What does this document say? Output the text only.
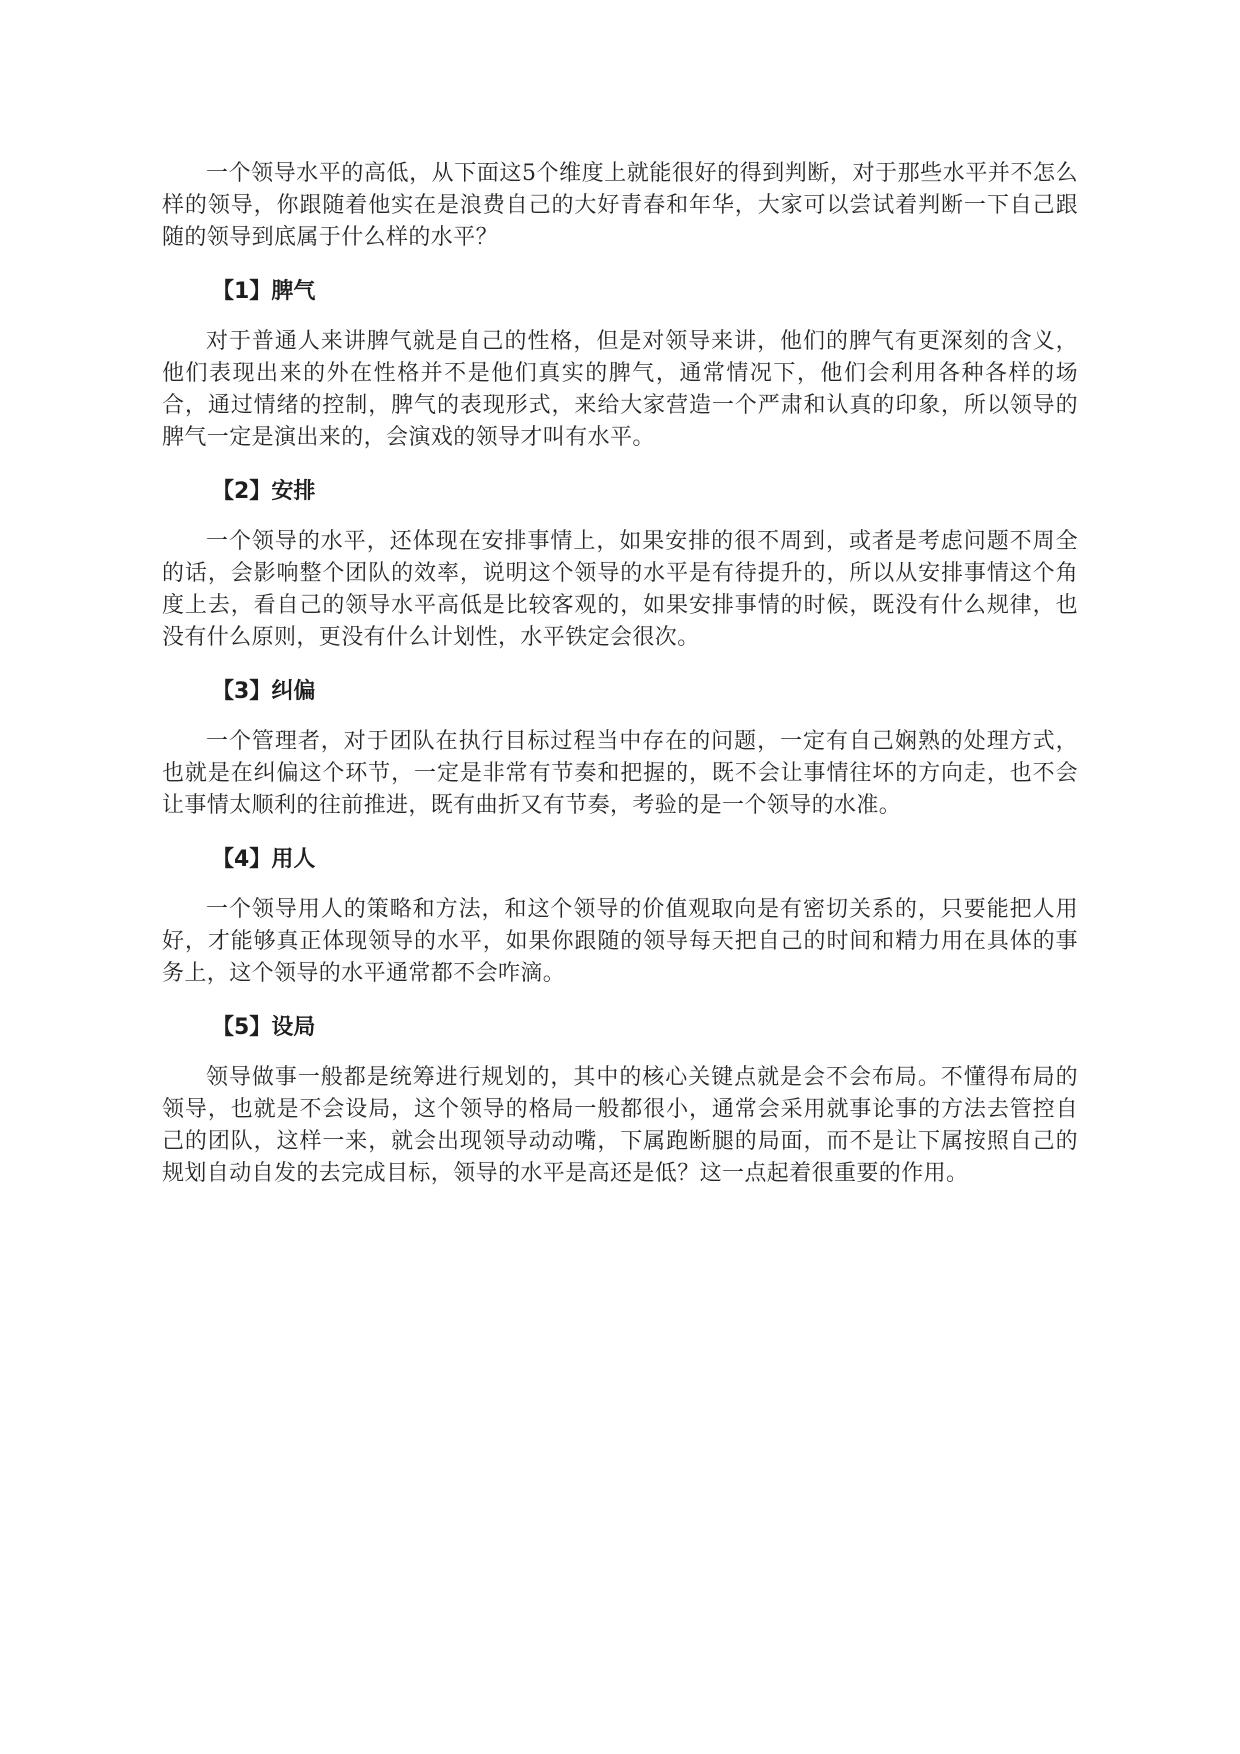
一个领导水平的高低，从下面这5个维度上就能很好的得到判断，对于那些水平并不怎么样的领导，你跟随着他实在是浪费自己的大好青春和年华，大家可以尝试着判断一下自己跟随的领导到底属于什么样的水平？

【1】脾气

对于普通人来讲脾气就是自己的性格，但是对领导来讲，他们的脾气有更深刻的含义，他们表现出来的外在性格并不是他们真实的脾气，通常情况下，他们会利用各种各样的场合，通过情绪的控制，脾气的表现形式，来给大家营造一个严肃和认真的印象，所以领导的脾气一定是演出来的，会演戏的领导才叫有水平。

【2】安排

一个领导的水平，还体现在安排事情上，如果安排的很不周到，或者是考虑问题不周全的话，会影响整个团队的效率，说明这个领导的水平是有待提升的，所以从安排事情这个角度上去，看自己的领导水平高低是比较客观的，如果安排事情的时候，既没有什么规律，也没有什么原则，更没有什么计划性，水平铁定会很次。

【3】纠偏

一个管理者，对于团队在执行目标过程当中存在的问题，一定有自己娴熟的处理方式，也就是在纠偏这个环节，一定是非常有节奏和把握的，既不会让事情往坏的方向走，也不会让事情太顺利的往前推进，既有曲折又有节奏，考验的是一个领导的水准。

【4】用人

一个领导用人的策略和方法，和这个领导的价值观取向是有密切关系的，只要能把人用好，才能够真正体现领导的水平，如果你跟随的领导每天把自己的时间和精力用在具体的事务上，这个领导的水平通常都不会咋滴。

【5】设局

领导做事一般都是统筹进行规划的，其中的核心关键点就是会不会布局。不懂得布局的领导，也就是不会设局，这个领导的格局一般都很小，通常会采用就事论事的方法去管控自己的团队，这样一来，就会出现领导动动嘴，下属跑断腿的局面，而不是让下属按照自己的规划自动自发的去完成目标，领导的水平是高还是低？这一点起着很重要的作用。
